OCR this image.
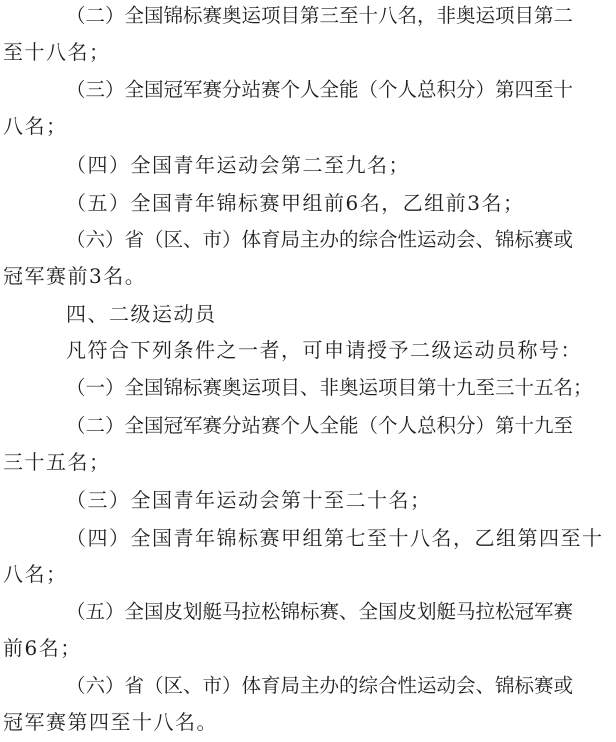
（二）全国锦标赛奥运项目第三至十八名，非奥运项目第二
至十八名；
（三）全国冠军赛分站赛个人全能（个人总积分）第四至十
八名；
（四）全国青年运动会第二至九名；
（五）全国青年锦标赛甲组前6名，乙组前3名；
（六）省（区、市）体育局主办的综合性运动会、锦标赛或
冠军赛前3名。
四、二级运动员
凡符合下列条件之一者，可申请授予二级运动员称号：
（一）全国锦标赛奥运项目、非奥运项目第十九至三十五名；
（二）全国冠军赛分站赛个人全能（个人总积分）第十九至
三十五名；
（三）全国青年运动会第十至二十名；
（四）全国青年锦标赛甲组第七至十八名，乙组第四至十
八名；
（五）全国皮划艇马拉松锦标赛、全国皮划艇马拉松冠军赛
前6名；
（六）省（区、市）体育局主办的综合性运动会、锦标赛或
冠军赛第四至十八名。
